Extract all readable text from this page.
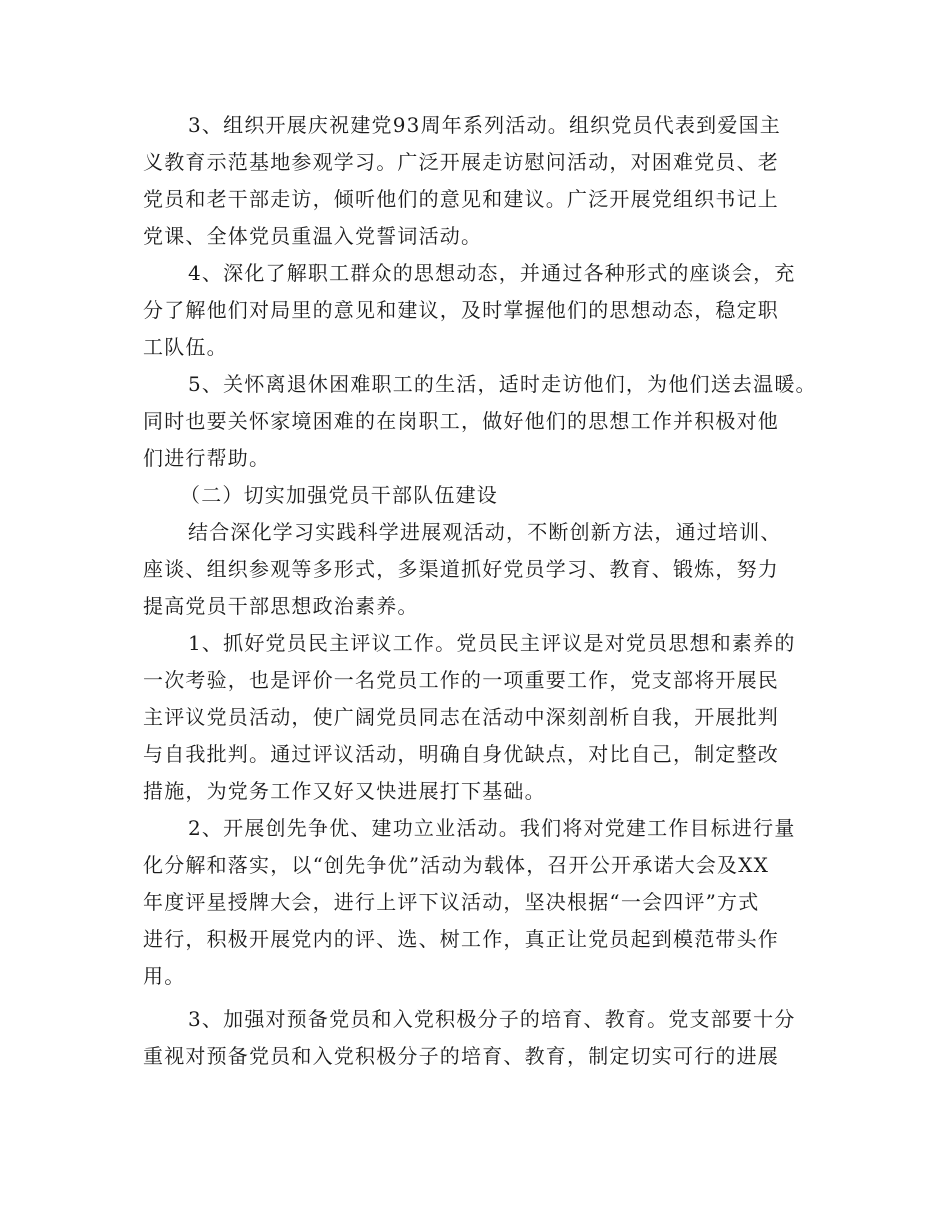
3、组织开展庆祝建党93周年系列活动。组织党员代表到爱国主
义教育示范基地参观学习。广泛开展走访慰问活动，对困难党员、老
党员和老干部走访，倾听他们的意见和建议。广泛开展党组织书记上
党课、全体党员重温入党誓词活动。
4、深化了解职工群众的思想动态，并通过各种形式的座谈会，充
分了解他们对局里的意见和建议，及时掌握他们的思想动态，稳定职
工队伍。
5、关怀离退休困难职工的生活，适时走访他们，为他们送去温暖。
同时也要关怀家境困难的在岗职工，做好他们的思想工作并积极对他
们进行帮助。
（二）切实加强党员干部队伍建设
结合深化学习实践科学进展观活动，不断创新方法，通过培训、
座谈、组织参观等多形式，多渠道抓好党员学习、教育、锻炼，努力
提高党员干部思想政治素养。
1、抓好党员民主评议工作。党员民主评议是对党员思想和素养的
一次考验，也是评价一名党员工作的一项重要工作，党支部将开展民
主评议党员活动，使广阔党员同志在活动中深刻剖析自我，开展批判
与自我批判。通过评议活动，明确自身优缺点，对比自己，制定整改
措施，为党务工作又好又快进展打下基础。
2、开展创先争优、建功立业活动。我们将对党建工作目标进行量
化分解和落实，以“创先争优”活动为载体，召开公开承诺大会及XX
年度评星授牌大会，进行上评下议活动，坚决根据“一会四评”方式
进行，积极开展党内的评、选、树工作，真正让党员起到模范带头作
用。
3、加强对预备党员和入党积极分子的培育、教育。党支部要十分
重视对预备党员和入党积极分子的培育、教育，制定切实可行的进展
